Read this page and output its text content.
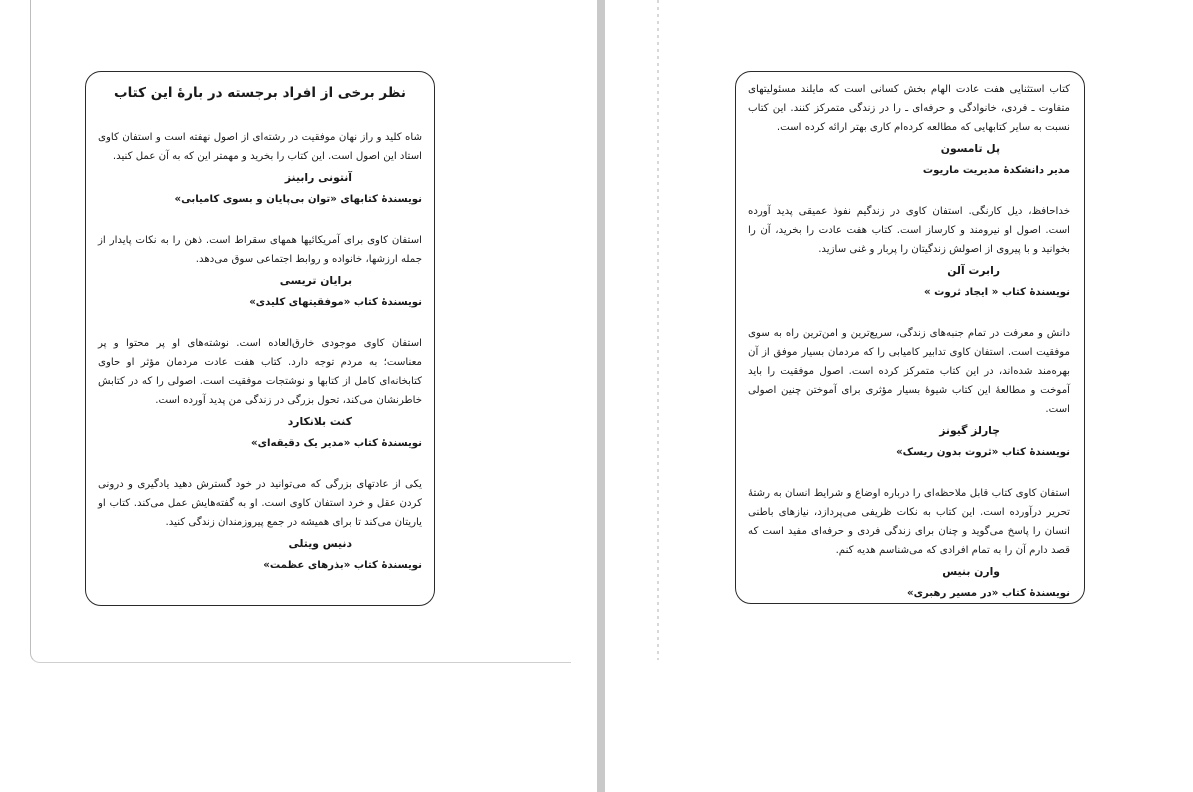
نظر برخی از افراد برجسته در بارۀ این کتاب

شاه کلید و راز نهان موفقیت در رشته‌ای از اصول نهفته است و استفان کاوی استاد این اصول است. این کتاب را بخرید و مهمتر این که به آن عمل کنید.

آنتونی رابینز

نویسندۀ کتابهای «توان بی‌پایان و بسوی کامیابی»

استفان کاوی برای آمریکائیها همهای سقراط است. ذهن را به نکات پایدار از جمله ارزشها، خانواده و روابط اجتماعی سوق می‌دهد.

برایان تریسی

نویسندۀ کتاب «موفقیتهای کلیدی»

استفان کاوی موجودی خارق‌العاده است. نوشته‌های او پر محتوا و پر معناست؛ به مردم توجه دارد. کتاب هفت عادت مردمان مؤثر او حاوی کتابخانه‌ای کامل از کتابها و نوشتجات موفقیت است. اصولی را که در کتابش خاطرنشان می‌کند، تحول بزرگی در زندگی من پدید آورده است.

کنت بلانکارد

نویسندۀ کتاب «مدیر یک دقیقه‌ای»

یکی از عادتهای بزرگی که می‌توانید در خود گسترش دهید یادگیری و درونی کردن عقل و خرد استفان کاوی است. او به گفته‌هایش عمل می‌کند. کتاب او یاریتان می‌کند تا برای همیشه در جمع پیروزمندان زندگی کنید.

دنیس ویتلی

نویسندۀ کتاب «بذرهای عظمت»

کتاب استثنایی هفت عادت الهام بخش کسانی است که مایلند مسئولیتهای متفاوت ـ فردی، خانوادگی و حرفه‌ای ـ را در زندگی متمرکز کنند. این کتاب نسبت به سایر کتابهایی که مطالعه کرده‌ام کاری بهتر ارائه کرده است.

پل تامسون

مدیر دانشکدۀ مدیریت ماریوت

خداحافظ، دیل کارنگی. استفان کاوی در زندگیم نفوذ عمیقی پدید آورده است. اصول او نیرومند و کارساز است. کتاب هفت عادت را بخرید، آن را بخوانید و با پیروی از اصولش زندگیتان را پربار و غنی سازید.

رابرت آلن

نویسندۀ کتاب « ایجاد ثروت »

دانش و معرفت در تمام جنبه‌های زندگی، سریع‌ترین و امن‌ترین راه به سوی موفقیت است. استفان کاوی تدابیر کامیابی را که مردمان بسیار موفق از آن بهره‌مند شده‌اند، در این کتاب متمرکز کرده است. اصول موفقیت را باید آموخت و مطالعۀ این کتاب شیوۀ بسیار مؤثری برای آموختن چنین اصولی است.

چارلز گیونز

نویسندۀ کتاب «ثروت بدون ریسک»

استفان کاوی کتاب قابل ملاحظه‌ای را درباره اوضاع و شرایط انسان به رشتۀ تحریر درآورده است. این کتاب به نکات ظریفی می‌پردازد، نیازهای باطنی انسان را پاسخ می‌گوید و چنان برای زندگی فردی و حرفه‌ای مفید است که قصد دارم آن را به تمام افرادی که می‌شناسم هدیه کنم.

وارن بنیس

نویسندۀ کتاب «در مسیر رهبری»
